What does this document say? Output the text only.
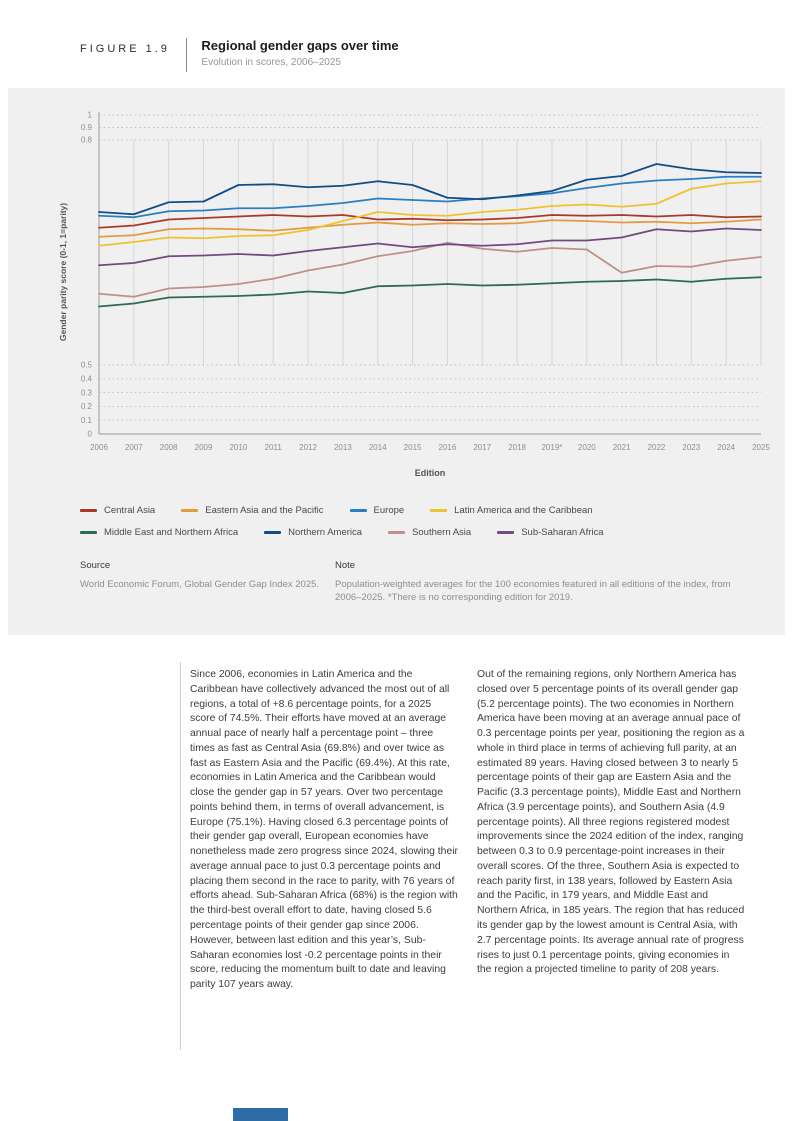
FIGURE 1.9 Regional gender gaps over time
Evolution in scores, 2006–2025
2006 2007 2008 2009 2010 2011 2012 2013 2014 2015 2016 2017 2018 2019* 2020 2021 2022 2023 2024 2025
1
0.9
0.8
0.5
0.4
0.3
0.2
0.1
0
Gender parity score (0-1, 1=parity)
Edition
Central Asia	Eastern Asia and the Pacific	Europe	Latin America and the Caribbean
Middle East and Northern Africa	Northern America	Southern Asia	Sub-Saharan Africa
Source
World Economic Forum, Global Gender Gap Index 2025.
Note
Population-weighted averages for the 100 economies featured in all editions of the index, from 2006–2025. *There is no corresponding edition for 2019.
Since 2006, economies in Latin America and the Caribbean have collectively advanced the most out of all regions, a total of +8.6 percentage points, for a 2025 score of 74.5%. Their efforts have moved at an average annual pace of nearly half a percentage point – three times as fast as Central Asia (69.8%) and over twice as fast as Eastern Asia and the Pacific (69.4%). At this rate, economies in Latin America and the Caribbean would close the gender gap in 57 years. Over two percentage points behind them, in terms of overall advancement, is Europe (75.1%). Having closed 6.3 percentage points of their gender gap overall, European economies have nonetheless made zero progress since 2024, slowing their average annual pace to just 0.3 percentage points and placing them second in the race to parity, with 76 years of efforts ahead. Sub-Saharan Africa (68%) is the region with the third-best overall effort to date, having closed 5.6 percentage points of their gender gap since 2006. However, between last edition and this year’s, Sub-Saharan economies lost -0.2 percentage points in their score, reducing the momentum built to date and leaving parity 107 years away.
Out of the remaining regions, only Northern America has closed over 5 percentage points of its overall gender gap (5.2 percentage points). The two economies in Northern America have been moving at an average annual pace of 0.3 percentage points per year, positioning the region as a whole in third place in terms of achieving full parity, at an estimated 89 years. Having closed between 3 to nearly 5 percentage points of their gap are Eastern Asia and the Pacific (3.3 percentage points), Middle East and Northern Africa (3.9 percentage points), and Southern Asia (4.9 percentage points). All three regions registered modest improvements since the 2024 edition of the index, ranging between 0.3 to 0.9 percentage-point increases in their overall scores. Of the three, Southern Asia is expected to reach parity first, in 138 years, followed by Eastern Asia and the Pacific, in 179 years, and Middle East and Northern Africa, in 185 years. The region that has reduced its gender gap by the lowest amount is Central Asia, with 2.7 percentage points. Its average annual rate of progress rises to just 0.1 percentage points, giving economies in the region a projected timeline to parity of 208 years.
